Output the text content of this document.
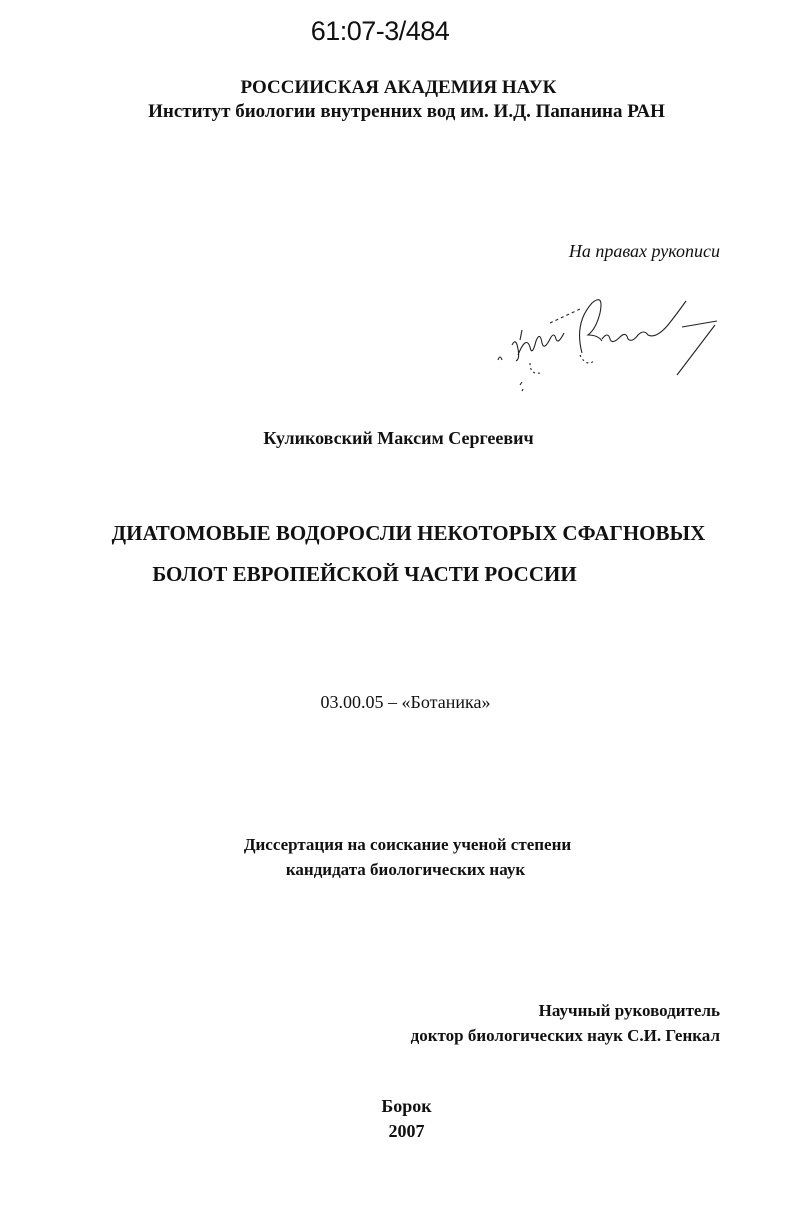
61:07-3/484
РОССИИСКАЯ АКАДЕМИЯ НАУК
Институт биологии внутренних вод им. И.Д. Папанина РАН
На правах рукописи
Куликовский Максим Сергеевич
ДИАТОМОВЫЕ ВОДОРОСЛИ НЕКОТОРЫХ СФАГНОВЫХ
БОЛОТ ЕВРОПЕЙСКОЙ ЧАСТИ РОССИИ
03.00.05 – «Ботаника»
Диссертация на соискание ученой степени
кандидата биологических наук
Научный руководитель
доктор биологических наук С.И. Генкал
Борок
2007
